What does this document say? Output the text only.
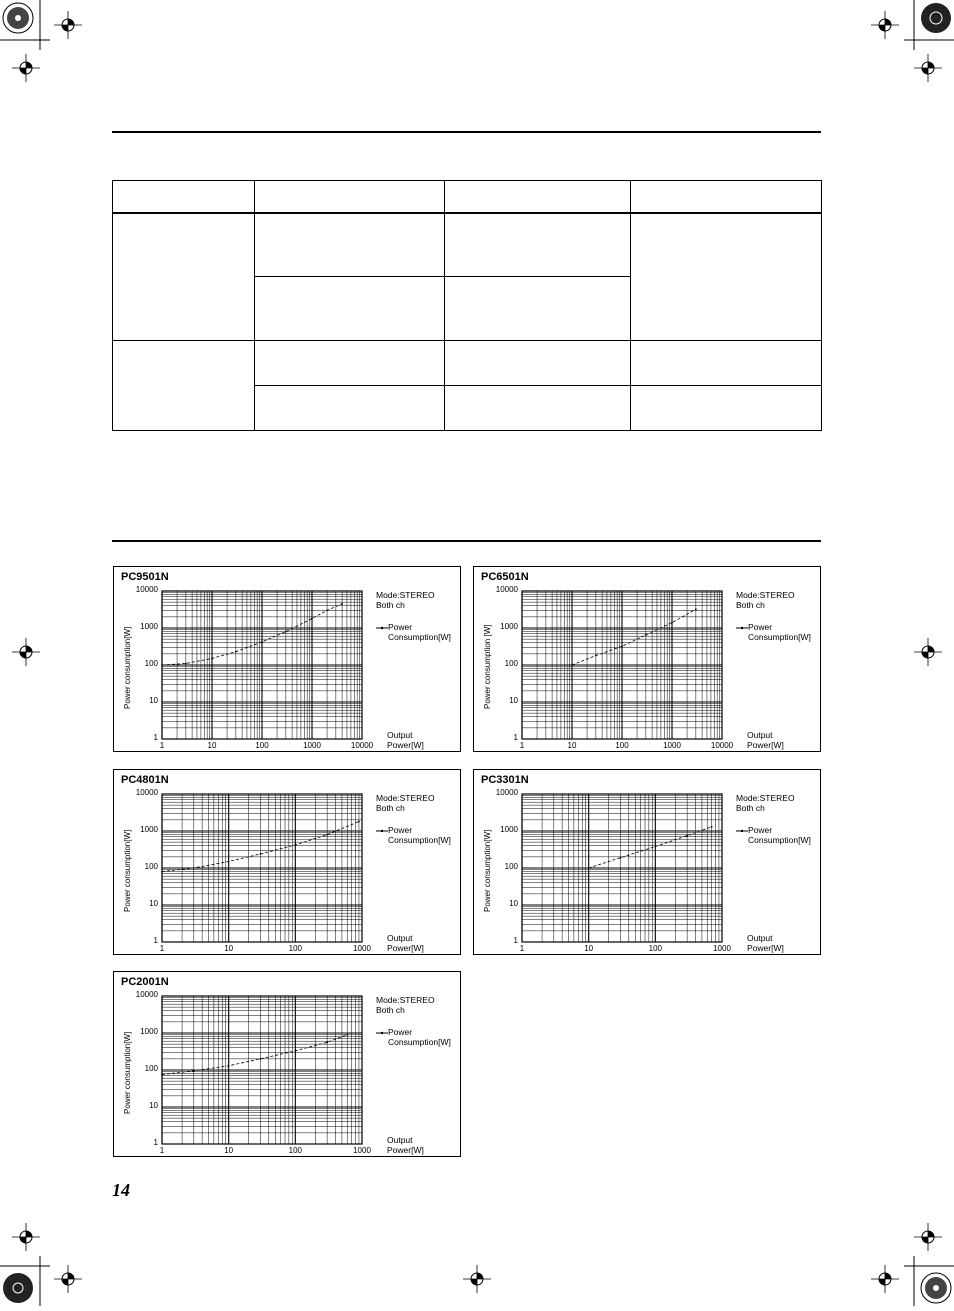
PC9501N
Power consumption[W]
10000
1000
100
10
1
1	10	100	1000	10000
Mode:STEREO
Both ch
Power Consumption[W]
Output Power[W]
PC6501N
Power consumption [W]
10000
1000
100
10
1
1	10	100	1000	10000
Mode:STEREO
Both ch
Power Consumption[W]
Output Power[W]
PC4801N
Power consumption[W]
10000
1000
100
10
1
1	10	100	1000
Mode:STEREO
Both ch
Power Consumption[W]
Output Power[W]
PC3301N
Power consumption[W]
10000
1000
100
10
1
1	10	100	1000
Mode:STEREO
Both ch
Power Consumption[W]
Output Power[W]
PC2001N
Power consumption[W]
10000
1000
100
10
1
1	10	100	1000
Mode:STEREO
Both ch
Power Consumption[W]
Output Power[W]
14
